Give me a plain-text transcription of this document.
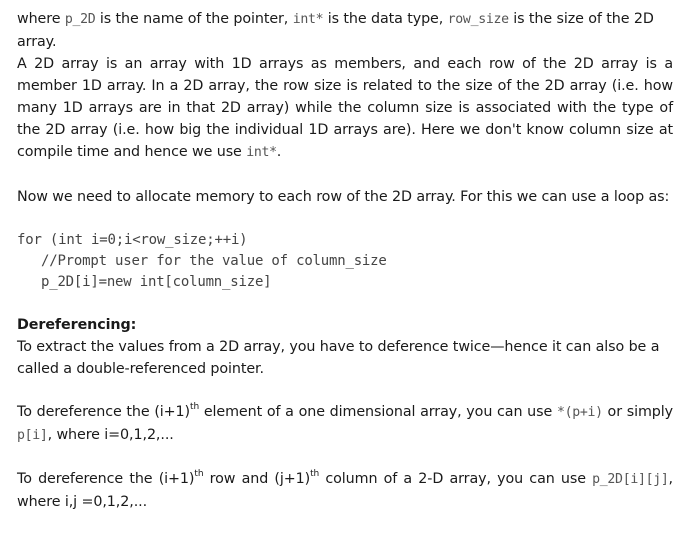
where p_2D is the name of the pointer, int* is the data type, row_size is the size of the 2D array.

A 2D array is an array with 1D arrays as members, and each row of the 2D array is a member 1D array. In a 2D array, the row size is related to the size of the 2D array (i.e. how many 1D arrays are in that 2D array) while the column size is associated with the type of the 2D array (i.e. how big the individual 1D arrays are). Here we don't know column size at compile time and hence we use int*.

Now we need to allocate memory to each row of the 2D array. For this we can use a loop as:

for (int i=0;i<row_size;++i)
//Prompt user for the value of column_size
p_2D[i]=new int[column_size]

Dereferencing:

To extract the values from a 2D array, you have to deference twice—hence it can also be a called a double-referenced pointer.

To dereference the $(i+1)^{th}$ element of a one dimensional array, you can use *(p+i) or simply p[i], where i=0,1,2,...

To dereference the $(i+1)^{th}$ row and $(j+1)^{th}$ column of a 2-D array, you can use p_2D[i][j], where i,j =0,1,2,...
